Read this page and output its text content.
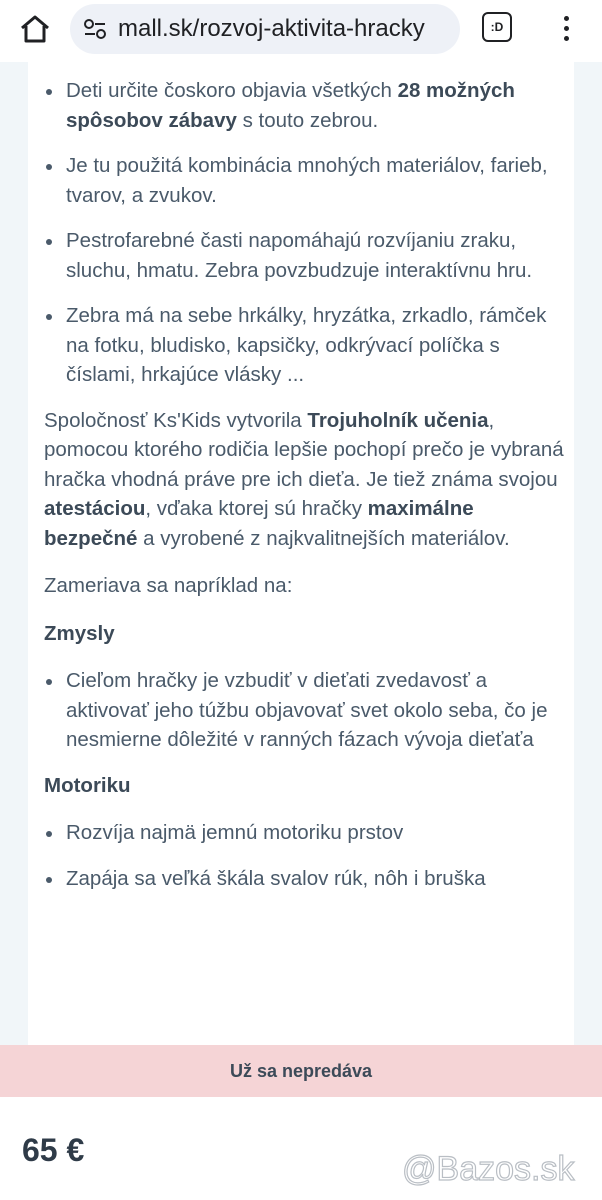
mall.sk/rozvoj-aktivita-hracky	:D
Deti určite čoskoro objavia všetkých 28 možných spôsobov zábavy s touto zebrou.
Je tu použitá kombinácia mnohých materiálov, farieb, tvarov, a zvukov.
Pestrofarebné časti napomáhajú rozvíjaniu zraku, sluchu, hmatu. Zebra povzbudzuje interaktívnu hru.
Zebra má na sebe hrkálky, hryzátka, zrkadlo, rámček na fotku, bludisko, kapsičky, odkrývací políčka s číslami, hrkajúce vlásky ...

Spoločnosť Ks'Kids vytvorila Trojuholník učenia, pomocou ktorého rodičia lepšie pochopí prečo je vybraná hračka vhodná práve pre ich dieťa. Je tiež známa svojou atestáciou, vďaka ktorej sú hračky maximálne bezpečné a vyrobené z najkvalitnejších materiálov.

Zameriava sa napríklad na:

Zmysly

Cieľom hračky je vzbudiť v dieťati zvedavosť a aktivovať jeho túžbu objavovať svet okolo seba, čo je nesmierne dôležité v ranných fázach vývoja dieťaťa

Motoriku

Rozvíja najmä jemnú motoriku prstov
Zapája sa veľká škála svalov rúk, nôh i bruška
Už sa nepredáva
65 €	@Bazos.sk
